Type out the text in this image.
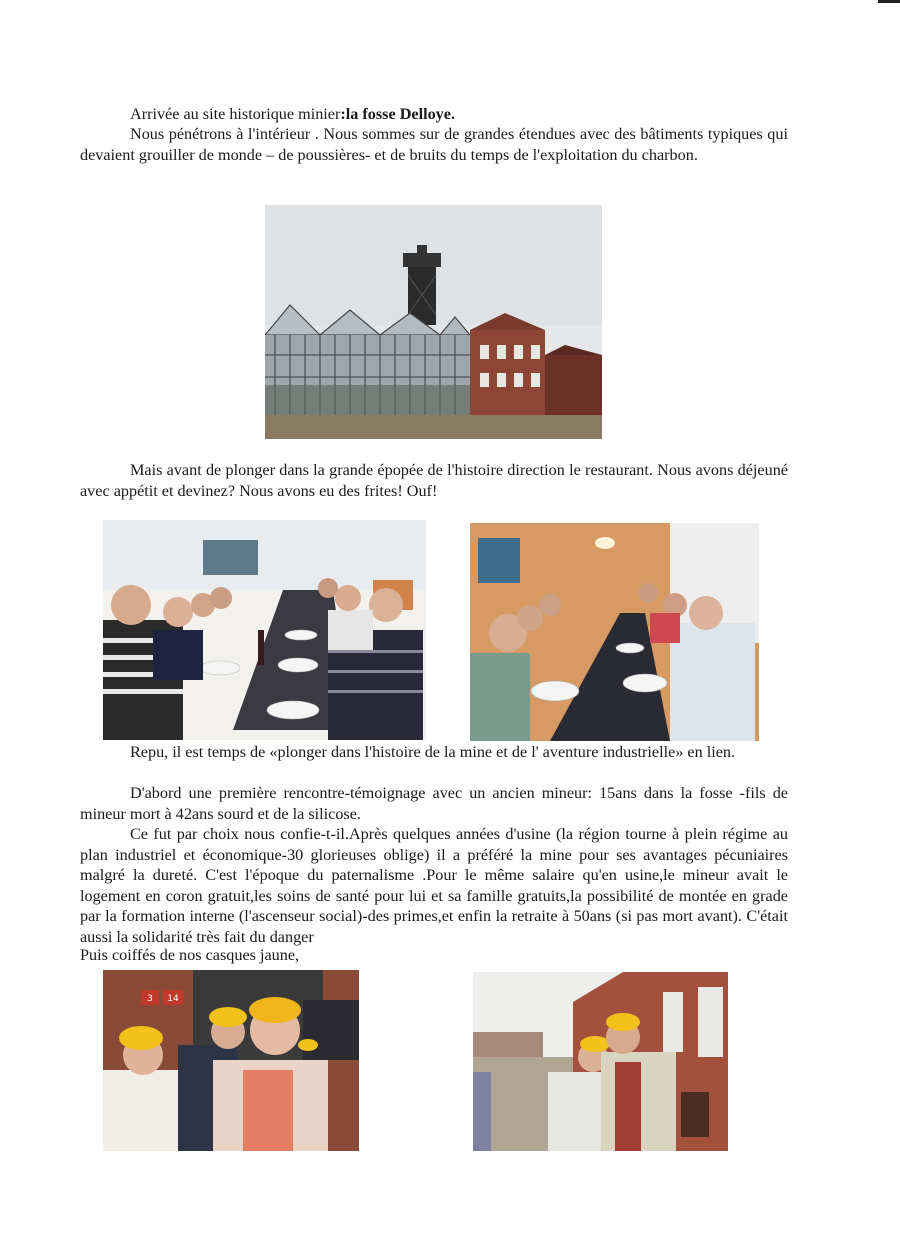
Arrivée au site historique minier:la fosse Delloye.

Nous pénétrons à l'intérieur . Nous sommes sur de grandes étendues avec des bâtiments typiques qui devaient grouiller de monde – de poussières- et de bruits du temps de l'exploitation du charbon.

Mais avant de plonger dans la grande épopée de l'histoire direction le restaurant. Nous avons déjeuné avec appétit et devinez? Nous avons eu des frites! Ouf!

Repu, il est temps de «plonger dans l'histoire de la mine et de l' aventure industrielle» en lien.

D'abord une première rencontre-témoignage avec un ancien mineur: 15ans dans la fosse -fils de mineur mort à 42ans sourd et de la silicose.

Ce fut par choix nous confie-t-il.Après quelques années d'usine (la région tourne à plein régime au plan industriel et économique-30 glorieuses oblige) il a préféré la mine pour ses avantages pécuniaires malgré la dureté. C'est l'époque du paternalisme .Pour le même salaire qu'en usine,le mineur avait le logement en coron gratuit,les soins de santé pour lui et sa famille gratuits,la possibilité de montée en grade par la formation interne (l'ascenseur social)-des primes,et enfin la retraite à 50ans (si pas mort avant). C'était aussi la solidarité très fait du danger

Puis coiffés de nos casques jaune,

3 14
